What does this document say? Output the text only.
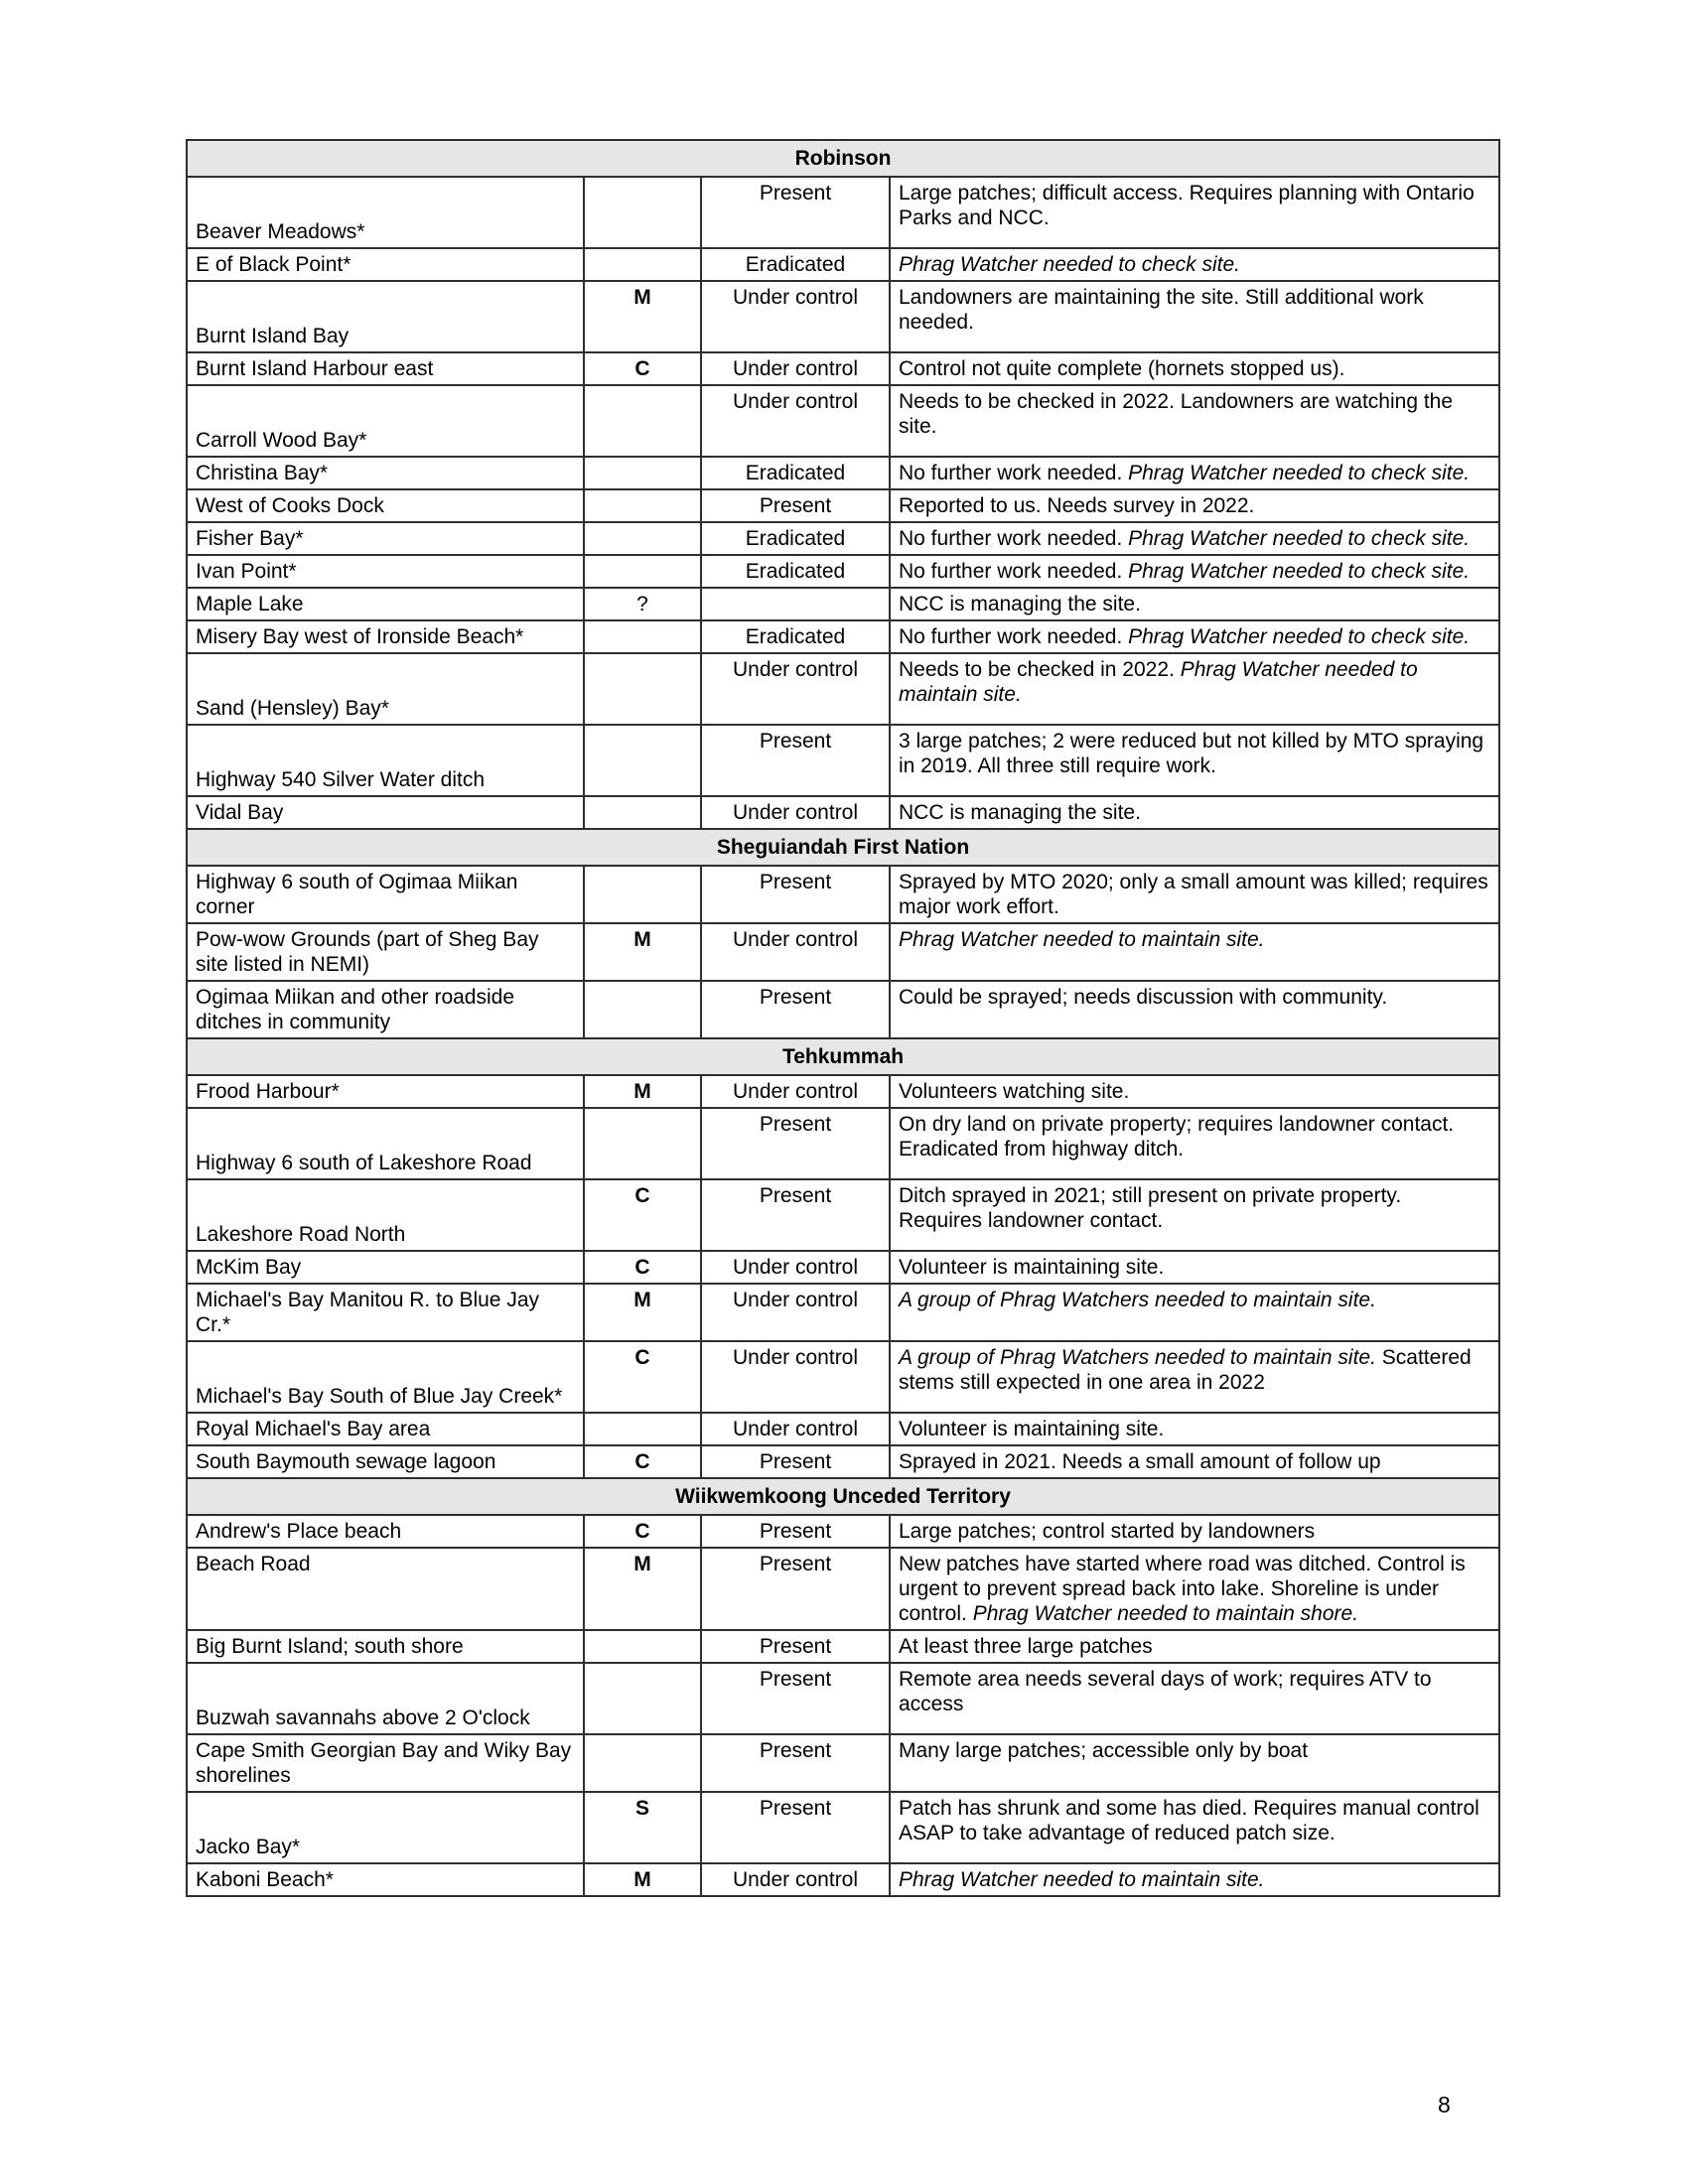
Robinson			
Beaver Meadows*		Present	Large patches; difficult access. Requires planning with Ontario Parks and NCC.

E of Black Point*		Eradicated	Phrag Watcher needed to check site.

Burnt Island Bay	M	Under control	Landowners are maintaining the site. Still additional work needed.

Burnt Island Harbour east	C	Under control	Control not quite complete (hornets stopped us).

Carroll Wood Bay*		Under control	Needs to be checked in 2022. Landowners are watching the site.

Christina Bay*		Eradicated	No further work needed. Phrag Watcher needed to check site.

West of Cooks Dock		Present	Reported to us. Needs survey in 2022.

Fisher Bay*		Eradicated	No further work needed. Phrag Watcher needed to check site.

Ivan Point*		Eradicated	No further work needed. Phrag Watcher needed to check site.

Maple Lake	?		NCC is managing the site.

Misery Bay west of Ironside Beach*		Eradicated	No further work needed. Phrag Watcher needed to check site.

Sand (Hensley) Bay*		Under control	Needs to be checked in 2022. Phrag Watcher needed to maintain site.

Highway 540 Silver Water ditch		Present	3 large patches; 2 were reduced but not killed by MTO spraying in 2019. All three still require work.

Vidal Bay		Under control	NCC is managing the site.

Sheguiandah First Nation			
Highway 6 south of Ogimaa Miikan corner		Present	Sprayed by MTO 2020; only a small amount was killed; requires major work effort.

Pow-wow Grounds (part of Sheg Bay site listed in NEMI)	M	Under control	Phrag Watcher needed to maintain site.

Ogimaa Miikan and other roadside ditches in community		Present	Could be sprayed; needs discussion with community.

Tehkummah			
Frood Harbour*	M	Under control	Volunteers watching site.

Highway 6 south of Lakeshore Road		Present	On dry land on private property; requires landowner contact. Eradicated from highway ditch.

Lakeshore Road North	C	Present	Ditch sprayed in 2021; still present on private property. Requires landowner contact.

McKim Bay	C	Under control	Volunteer is maintaining site.

Michael's Bay Manitou R. to Blue Jay Cr.*	M	Under control	A group of Phrag Watchers needed to maintain site.

Michael's Bay South of Blue Jay Creek*	C	Under control	A group of Phrag Watchers needed to maintain site. Scattered stems still expected in one area in 2022

Royal Michael's Bay area		Under control	Volunteer is maintaining site.

South Baymouth sewage lagoon	C	Present	Sprayed in 2021. Needs a small amount of follow up

Wiikwemkoong Unceded Territory			
Andrew's Place beach	C	Present	Large patches; control started by landowners

Beach Road	M	Present	New patches have started where road was ditched. Control is urgent to prevent spread back into lake. Shoreline is under control. Phrag Watcher needed to maintain shore.

Big Burnt Island; south shore		Present	At least three large patches

Buzwah savannahs above 2 O'clock		Present	Remote area needs several days of work; requires ATV to access

Cape Smith Georgian Bay and Wiky Bay shorelines		Present	Many large patches; accessible only by boat

Jacko Bay*	S	Present	Patch has shrunk and some has died. Requires manual control ASAP to take advantage of reduced patch size.

Kaboni Beach*	M	Under control	Phrag Watcher needed to maintain site.
8
